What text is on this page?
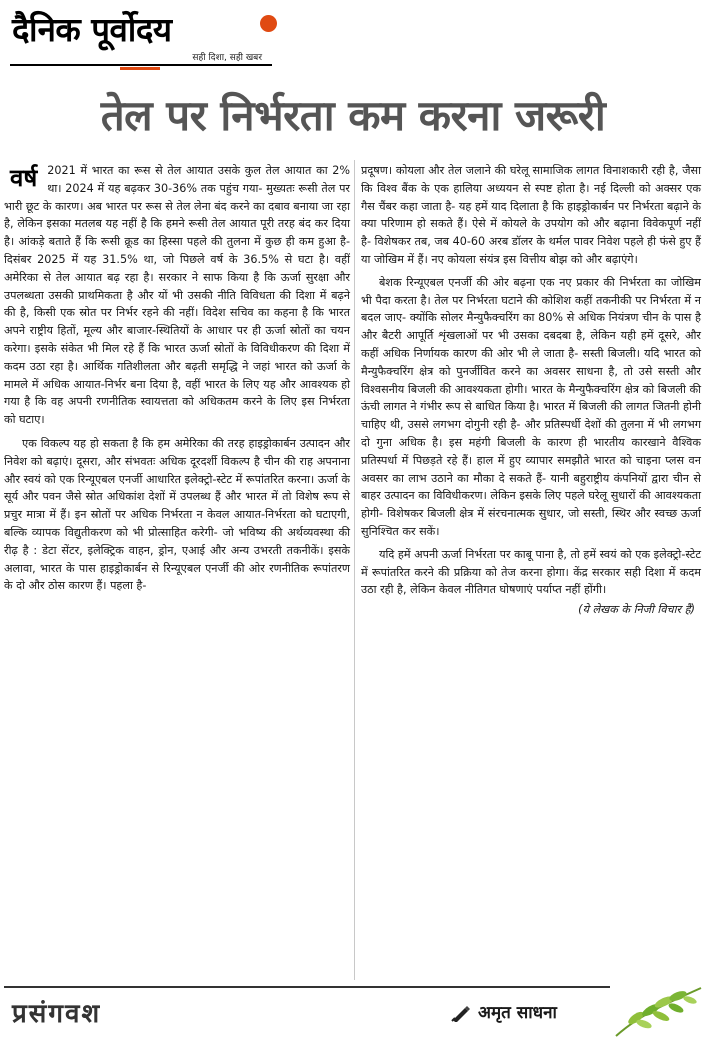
दैनिक पूर्वोदय
सही दिशा, सही खबर
तेल पर निर्भरता कम करना जरूरी

वर्ष 2021 में भारत का रूस से तेल आयात उसके कुल तेल आयात का 2% था। 2024 में यह बढ़कर 30-36% तक पहुंच गया- मुख्यतः रूसी तेल पर भारी छूट के कारण। अब भारत पर रूस से तेल लेना बंद करने का दबाव बनाया जा रहा है, लेकिन इसका मतलब यह नहीं है कि हमने रूसी तेल आयात पूरी तरह बंद कर दिया है। आंकड़े बताते हैं कि रूसी क्रूड का हिस्सा पहले की तुलना में कुछ ही कम हुआ है- दिसंबर 2025 में यह 31.5% था, जो पिछले वर्ष के 36.5% से घटा है। वहीं अमेरिका से तेल आयात बढ़ रहा है। सरकार ने साफ किया है कि ऊर्जा सुरक्षा और उपलब्धता उसकी प्राथमिकता है और यों भी उसकी नीति विविधता की दिशा में बढ़ने की है, किसी एक स्रोत पर निर्भर रहने की नहीं। विदेश सचिव का कहना है कि भारत अपने राष्ट्रीय हितों, मूल्य और बाजार-स्थितियों के आधार पर ही ऊर्जा स्रोतों का चयन करेगा। इसके संकेत भी मिल रहे हैं कि भारत ऊर्जा स्रोतों के विविधीकरण की दिशा में कदम उठा रहा है। आर्थिक गतिशीलता और बढ़ती समृद्धि ने जहां भारत को ऊर्जा के मामले में अधिक आयात-निर्भर बना दिया है, वहीं भारत के लिए यह और आवश्यक हो गया है कि वह अपनी रणनीतिक स्वायत्तता को अधिकतम करने के लिए इस निर्भरता को घटाए।

एक विकल्प यह हो सकता है कि हम अमेरिका की तरह हाइड्रोकार्बन उत्पादन और निवेश को बढ़ाएं। दूसरा, और संभवतः अधिक दूरदर्शी विकल्प है चीन की राह अपनाना और स्वयं को एक रिन्यूएबल एनर्जी आधारित इलेक्ट्रो-स्टेट में रूपांतरित करना। ऊर्जा के सूर्य और पवन जैसे स्रोत अधिकांश देशों में उपलब्ध हैं और भारत में तो विशेष रूप से प्रचुर मात्रा में हैं। इन स्रोतों पर अधिक निर्भरता न केवल आयात-निर्भरता को घटाएगी, बल्कि व्यापक विद्युतीकरण को भी प्रोत्साहित करेगी- जो भविष्य की अर्थव्यवस्था की रीढ़ है : डेटा सेंटर, इलेक्ट्रिक वाहन, ड्रोन, एआई और अन्य उभरती तकनीकें। इसके अलावा, भारत के पास हाइड्रोकार्बन से रिन्यूएबल एनर्जी की ओर रणनीतिक रूपांतरण के दो और ठोस कारण हैं। पहला है-

प्रदूषण। कोयला और तेल जलाने की घरेलू सामाजिक लागत विनाशकारी रही है, जैसा कि विश्व बैंक के एक हालिया अध्ययन से स्पष्ट होता है। नई दिल्ली को अक्सर एक गैस चैंबर कहा जाता है- यह हमें याद दिलाता है कि हाइड्रोकार्बन पर निर्भरता बढ़ाने के क्या परिणाम हो सकते हैं। ऐसे में कोयले के उपयोग को और बढ़ाना विवेकपूर्ण नहीं है- विशेषकर तब, जब 40-60 अरब डॉलर के थर्मल पावर निवेश पहले ही फंसे हुए हैं या जोखिम में हैं। नए कोयला संयंत्र इस वित्तीय बोझ को और बढ़ाएंगे।

बेशक रिन्यूएबल एनर्जी की ओर बढ़ना एक नए प्रकार की निर्भरता का जोखिम भी पैदा करता है। तेल पर निर्भरता घटाने की कोशिश कहीं तकनीकी पर निर्भरता में न बदल जाए- क्योंकि सोलर मैन्युफैक्चरिंग का 80% से अधिक नियंत्रण चीन के पास है और बैटरी आपूर्ति शृंखलाओं पर भी उसका दबदबा है, लेकिन यही हमें दूसरे, और कहीं अधिक निर्णायक कारण की ओर भी ले जाता है- सस्ती बिजली। यदि भारत को मैन्युफैक्चरिंग क्षेत्र को पुनर्जीवित करने का अवसर साधना है, तो उसे सस्ती और विश्वसनीय बिजली की आवश्यकता होगी। भारत के मैन्युफैक्चरिंग क्षेत्र को बिजली की ऊंची लागत ने गंभीर रूप से बाधित किया है। भारत में बिजली की लागत जितनी होनी चाहिए थी, उससे लगभग दोगुनी रही है- और प्रतिस्पर्धी देशों की तुलना में भी लगभग दो गुना अधिक है। इस महंगी बिजली के कारण ही भारतीय कारखाने वैश्विक प्रतिस्पर्धा में पिछड़ते रहे हैं। हाल में हुए व्यापार समझौते भारत को चाइना प्लस वन अवसर का लाभ उठाने का मौका दे सकते हैं- यानी बहुराष्ट्रीय कंपनियों द्वारा चीन से बाहर उत्पादन का विविधीकरण। लेकिन इसके लिए पहले घरेलू सुधारों की आवश्यकता होगी- विशेषकर बिजली क्षेत्र में संरचनात्मक सुधार, जो सस्ती, स्थिर और स्वच्छ ऊर्जा सुनिश्चित कर सकें।

यदि हमें अपनी ऊर्जा निर्भरता पर काबू पाना है, तो हमें स्वयं को एक इलेक्ट्रो-स्टेट में रूपांतरित करने की प्रक्रिया को तेज करना होगा। केंद्र सरकार सही दिशा में कदम उठा रही है, लेकिन केवल नीतिगत घोषणाएं पर्याप्त नहीं होंगी।

(ये लेखक के निजी विचार हैं)
प्रसंगवश	अमृत साधना
